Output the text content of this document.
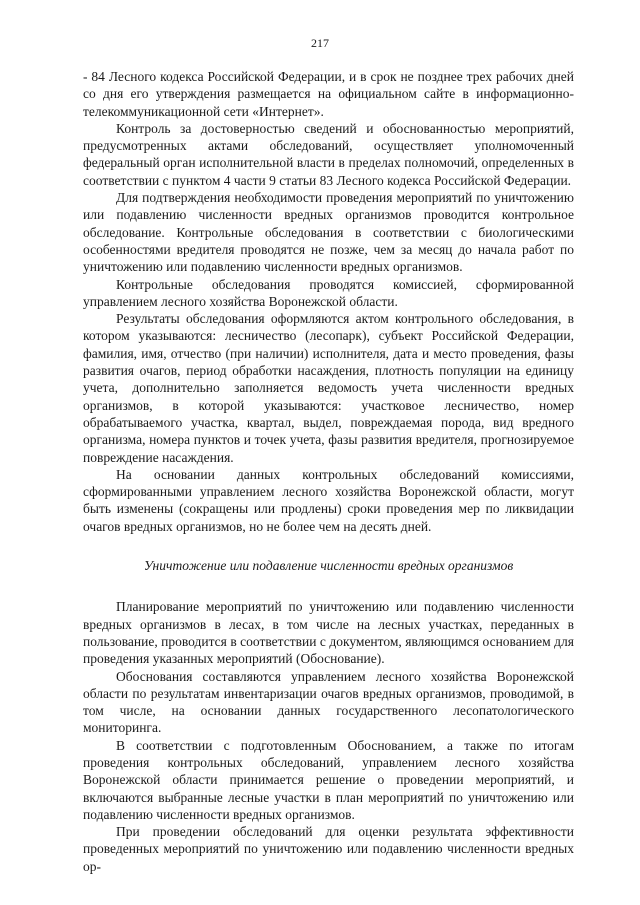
217

- 84 Лесного кодекса Российской Федерации, и в срок не позднее трех рабочих дней со дня его утверждения размещается на официальном сайте в информационно-телекоммуникационной сети «Интернет».

Контроль за достоверностью сведений и обоснованностью мероприятий, предусмотренных актами обследований, осуществляет уполномоченный федеральный орган исполнительной власти в пределах полномочий, определенных в соответствии с пунктом 4 части 9 статьи 83 Лесного кодекса Российской Федерации.

Для подтверждения необходимости проведения мероприятий по уничтожению или подавлению численности вредных организмов проводится контрольное обследование. Контрольные обследования в соответствии с биологическими особенностями вредителя проводятся не позже, чем за месяц до начала работ по уничтожению или подавлению численности вредных организмов.

Контрольные обследования проводятся комиссией, сформированной управлением лесного хозяйства Воронежской области.

Результаты обследования оформляются актом контрольного обследования, в котором указываются: лесничество (лесопарк), субъект Российской Федерации, фамилия, имя, отчество (при наличии) исполнителя, дата и место проведения, фазы развития очагов, период обработки насаждения, плотность популяции на единицу учета, дополнительно заполняется ведомость учета численности вредных организмов, в которой указываются: участковое лесничество, номер обрабатываемого участка, квартал, выдел, повреждаемая порода, вид вредного организма, номера пунктов и точек учета, фазы развития вредителя, прогнозируемое повреждение насаждения.

На основании данных контрольных обследований комиссиями, сформированными управлением лесного хозяйства Воронежской области, могут быть изменены (сокращены или продлены) сроки проведения мер по ликвидации очагов вредных организмов, но не более чем на десять дней.

Уничтожение или подавление численности вредных организмов

Планирование мероприятий по уничтожению или подавлению численности вредных организмов в лесах, в том числе на лесных участках, переданных в пользование, проводится в соответствии с документом, являющимся основанием для проведения указанных мероприятий (Обоснование).

Обоснования составляются управлением лесного хозяйства Воронежской области по результатам инвентаризации очагов вредных организмов, проводимой, в том числе, на основании данных государственного лесопатологического мониторинга.

В соответствии с подготовленным Обоснованием, а также по итогам проведения контрольных обследований, управлением лесного хозяйства Воронежской области принимается решение о проведении мероприятий, и включаются выбранные лесные участки в план мероприятий по уничтожению или подавлению численности вредных организмов.

При проведении обследований для оценки результата эффективности проведенных мероприятий по уничтожению или подавлению численности вредных ор-
